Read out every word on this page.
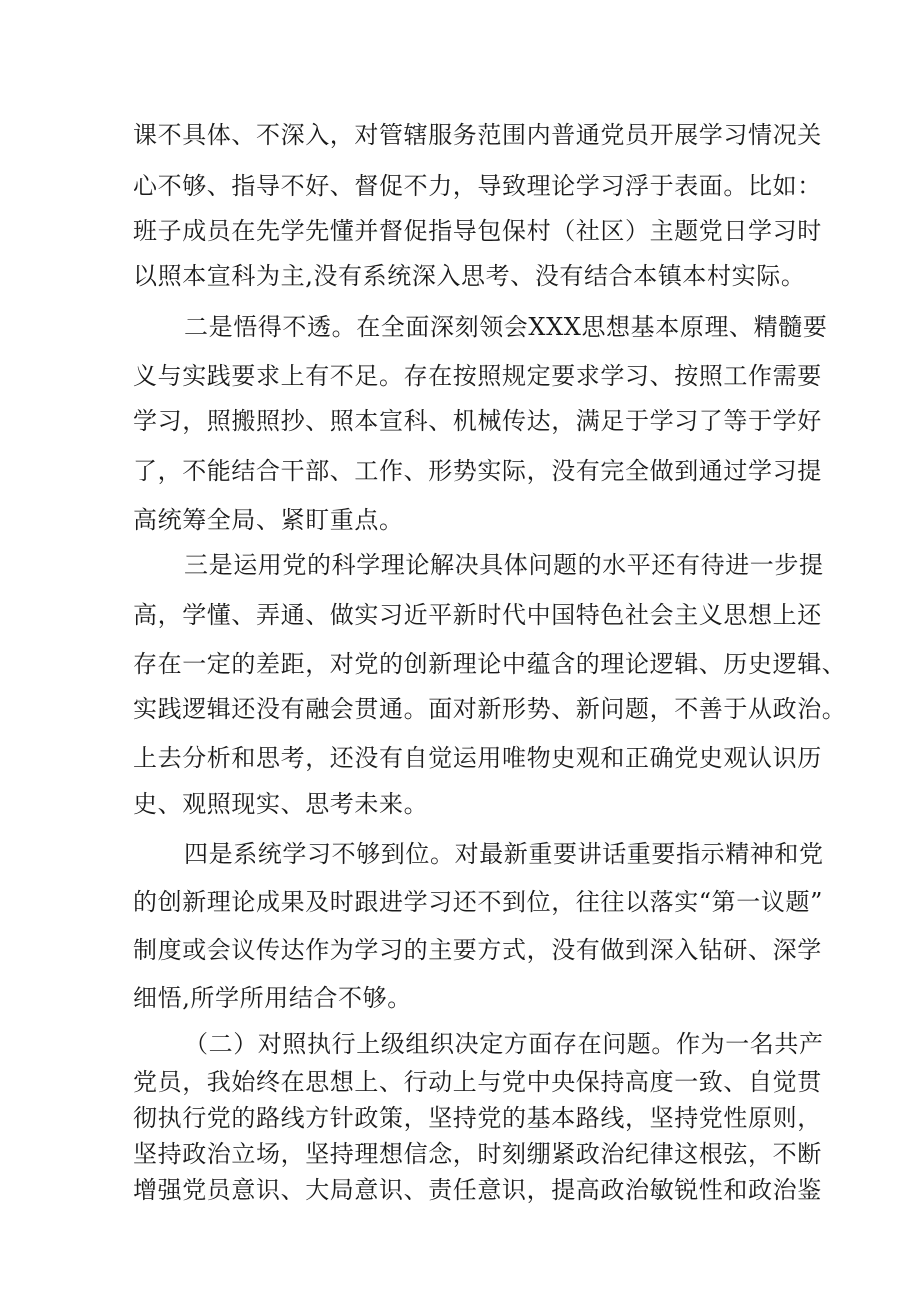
课不具体、不深入，对管辖服务范围内普通党员开展学习情况关
心不够、指导不好、督促不力，导致理论学习浮于表面。比如：
班子成员在先学先懂并督促指导包保村（社区）主题党日学习时
以照本宣科为主,没有系统深入思考、没有结合本镇本村实际。
二是悟得不透。在全面深刻领会XXX思想基本原理、精髓要
义与实践要求上有不足。存在按照规定要求学习、按照工作需要
学习，照搬照抄、照本宣科、机械传达，满足于学习了等于学好
了，不能结合干部、工作、形势实际，没有完全做到通过学习提
高统筹全局、紧盯重点。
三是运用党的科学理论解决具体问题的水平还有待进一步提
高，学懂、弄通、做实习近平新时代中国特色社会主义思想上还
存在一定的差距，对党的创新理论中蕴含的理论逻辑、历史逻辑、
实践逻辑还没有融会贯通。面对新形势、新问题，不善于从政治。
上去分析和思考，还没有自觉运用唯物史观和正确党史观认识历
史、观照现实、思考未来。
四是系统学习不够到位。对最新重要讲话重要指示精神和党
的创新理论成果及时跟进学习还不到位，往往以落实“第一议题”
制度或会议传达作为学习的主要方式，没有做到深入钻研、深学
细悟,所学所用结合不够。
（二）对照执行上级组织决定方面存在问题。作为一名共产
党员，我始终在思想上、行动上与党中央保持高度一致、自觉贯
彻执行党的路线方针政策，坚持党的基本路线，坚持党性原则，
坚持政治立场，坚持理想信念，时刻绷紧政治纪律这根弦，不断
增强党员意识、大局意识、责任意识，提高政治敏锐性和政治鉴
